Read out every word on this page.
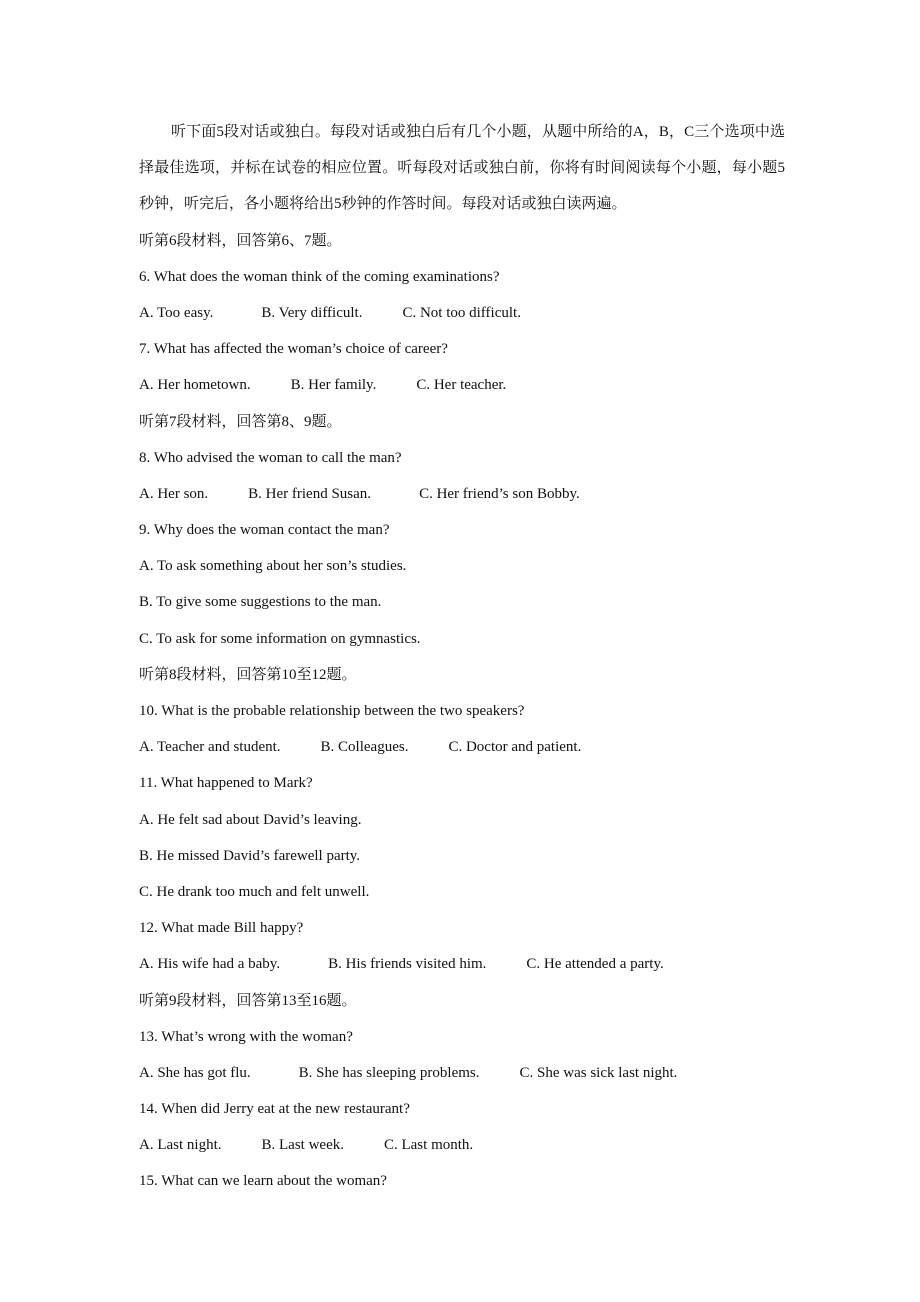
听下面5段对话或独白。每段对话或独白后有几个小题，从题中所给的A，B，C三个选项中选择最佳选项，并标在试卷的相应位置。听每段对话或独白前，你将有时间阅读每个小题，每小题5秒钟，听完后，各小题将给出5秒钟的作答时间。每段对话或独白读两遍。

听第6段材料，回答第6、7题。
6. What does the woman think of the coming examinations?
A. Too easy.	B. Very difficult.	C. Not too difficult.
7. What has affected the woman’s choice of career?
A. Her hometown.	B. Her family.	C. Her teacher.
听第7段材料，回答第8、9题。
8. Who advised the woman to call the man?
A. Her son.	B. Her friend Susan.	C. Her friend’s son Bobby.
9. Why does the woman contact the man?
A. To ask something about her son’s studies.
B. To give some suggestions to the man.
C. To ask for some information on gymnastics.
听第8段材料，回答第10至12题。
10. What is the probable relationship between the two speakers?
A. Teacher and student.	B. Colleagues.	C. Doctor and patient.
11. What happened to Mark?
A. He felt sad about David’s leaving.
B. He missed David’s farewell party.
C. He drank too much and felt unwell.
12. What made Bill happy?
A. His wife had a baby.	B. His friends visited him.	C. He attended a party.
听第9段材料，回答第13至16题。
13. What’s wrong with the woman?
A. She has got flu.	B. She has sleeping problems.	C. She was sick last night.
14. When did Jerry eat at the new restaurant?
A. Last night.	B. Last week.	C. Last month.
15. What can we learn about the woman?
